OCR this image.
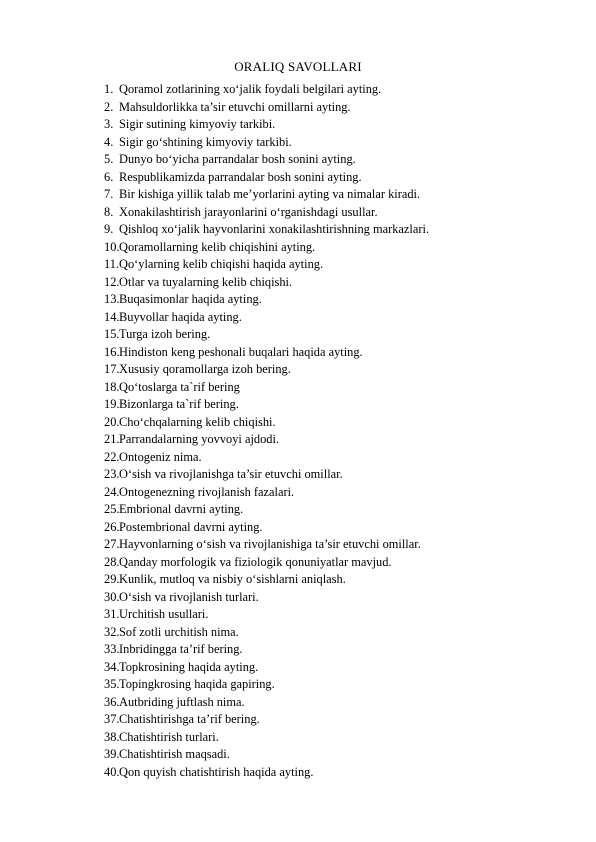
ORALIQ SAVOLLARI
1. Qoramol zotlarining xo‘jalik foydali belgilari ayting.
2. Mahsuldorlikka ta’sir etuvchi omillarni ayting.
3. Sigir sutining kimyoviy tarkibi.
4. Sigir go‘shtining kimyoviy tarkibi.
5. Dunyo bo‘yicha parrandalar bosh sonini ayting.
6. Respublikamizda parrandalar bosh sonini ayting.
7. Bir kishiga yillik talab me’yorlarini ayting va nimalar kiradi.
8. Xonakilashtirish jarayonlarini o‘rganishdagi usullar.
9. Qishloq xo‘jalik hayvonlarini xonakilashtirishning markazlari.
10. Qoramollarning kelib chiqishini ayting.
11. Qo‘ylarning kelib chiqishi haqida ayting.
12. Otlar va tuyalarning kelib chiqishi.
13. Buqasimonlar haqida ayting.
14. Buyvollar haqida ayting.
15. Turga izoh bering.
16. Hindiston keng peshonali buqalari haqida ayting.
17. Xususiy qoramollarga izoh bering.
18. Qo‘toslarga ta`rif bering
19. Bizonlarga ta`rif bering.
20. Cho‘chqalarning kelib chiqishi.
21. Parrandalarning yovvoyi ajdodi.
22. Ontogeniz nima.
23. O‘sish va rivojlanishga ta’sir etuvchi omillar.
24. Ontogenezning rivojlanish fazalari.
25. Embrional davrni ayting.
26. Postembrional davrni ayting.
27. Hayvonlarning o‘sish va rivojlanishiga ta’sir etuvchi omillar.
28. Qanday morfologik va fiziologik qonuniyatlar mavjud.
29. Kunlik, mutloq va nisbiy o‘sishlarni aniqlash.
30. O‘sish va rivojlanish turlari.
31. Urchitish usullari.
32. Sof zotli urchitish nima.
33. Inbridingga ta’rif bering.
34. Topkrosining haqida ayting.
35. Topingkrosing haqida gapiring.
36. Autbriding juftlash nima.
37. Chatishtirishga ta’rif bering.
38. Chatishtirish turlari.
39. Chatishtirish maqsadi.
40. Qon quyish chatishtirish haqida ayting.
